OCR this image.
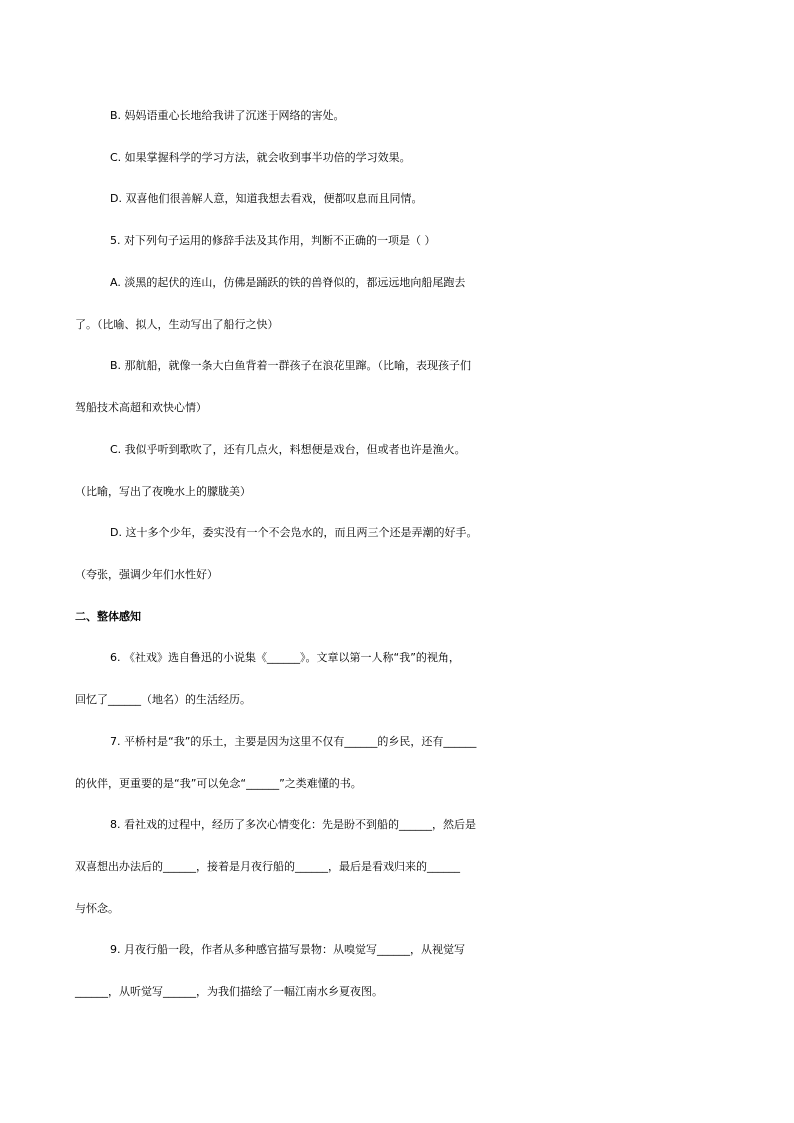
B. 妈妈语重心长地给我讲了沉迷于网络的害处。
C. 如果掌握科学的学习方法，就会收到事半功倍的学习效果。
D. 双喜他们很善解人意，知道我想去看戏，便都叹息而且同情。
5. 对下列句子运用的修辞手法及其作用，判断不正确的一项是（ ）
A. 淡黑的起伏的连山，仿佛是踊跃的铁的兽脊似的，都远远地向船尾跑去
了。（比喻、拟人，生动写出了船行之快）
B. 那航船，就像一条大白鱼背着一群孩子在浪花里蹿。（比喻，表现孩子们
驾船技术高超和欢快心情）
C. 我似乎听到歌吹了，还有几点火，料想便是戏台，但或者也许是渔火。
（比喻，写出了夜晚水上的朦胧美）
D. 这十多个少年，委实没有一个不会凫水的，而且两三个还是弄潮的好手。
（夸张，强调少年们水性好）
二、整体感知
6. 《社戏》选自鲁迅的小说集《______》。文章以第一人称“我”的视角，
回忆了______（地名）的生活经历。
7. 平桥村是“我”的乐土，主要是因为这里不仅有______的乡民，还有______
的伙伴，更重要的是“我”可以免念“______”之类难懂的书。
8. 看社戏的过程中，经历了多次心情变化：先是盼不到船的______，然后是
双喜想出办法后的______，接着是月夜行船的______，最后是看戏归来的______
与怀念。
9. 月夜行船一段，作者从多种感官描写景物：从嗅觉写______，从视觉写
______，从听觉写______，为我们描绘了一幅江南水乡夏夜图。
